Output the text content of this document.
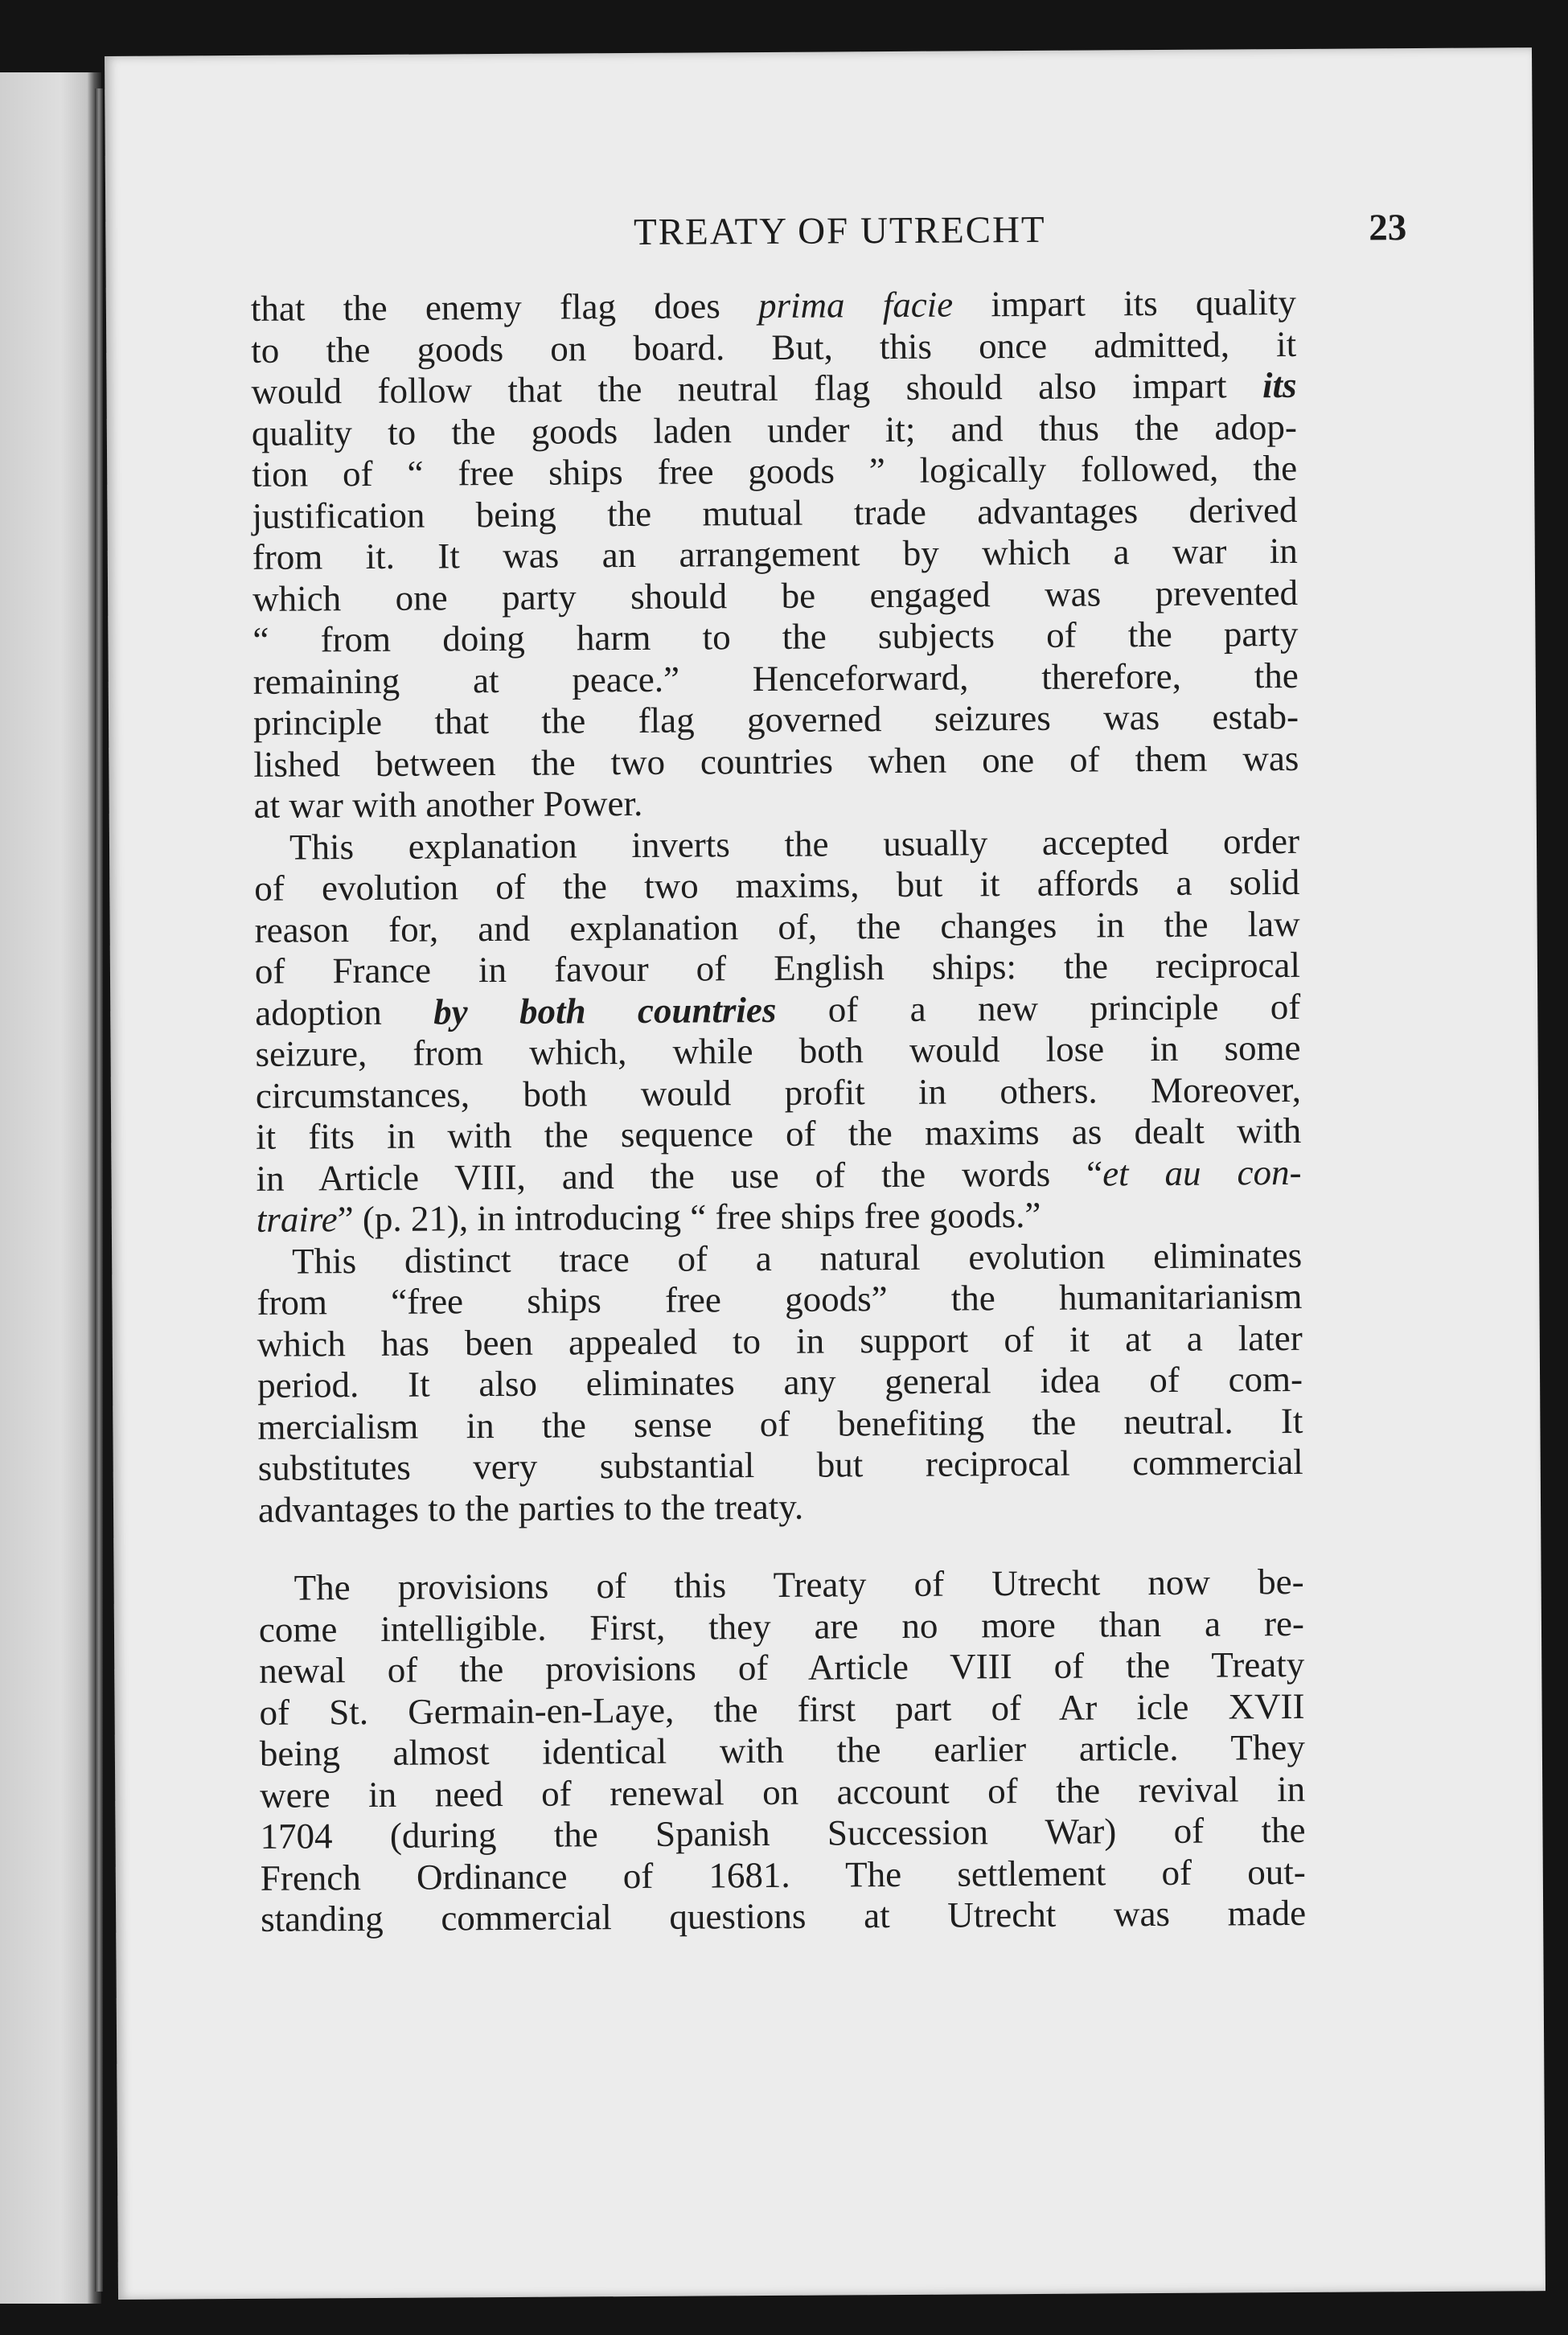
TREATY OF UTRECHT	23
that the enemy flag does prima facie impart its quality
to the goods on board. But, this once admitted, it
would follow that the neutral flag should also impart its
quality to the goods laden under it; and thus the adop-
tion of “ free ships free goods ” logically followed, the
justification being the mutual trade advantages derived
from it. It was an arrangement by which a war in
which one party should be engaged was prevented
“ from doing harm to the subjects of the party
remaining at peace.” Henceforward, therefore, the
principle that the flag governed seizures was estab-
lished between the two countries when one of them was
at war with another Power.
This explanation inverts the usually accepted order
of evolution of the two maxims, but it affords a solid
reason for, and explanation of, the changes in the law
of France in favour of English ships: the reciprocal
adoption by both countries of a new principle of
seizure, from which, while both would lose in some
circumstances, both would profit in others. Moreover,
it fits in with the sequence of the maxims as dealt with
in Article VIII, and the use of the words “et au con-
traire” (p. 21), in introducing “ free ships free goods.”
This distinct trace of a natural evolution eliminates
from “free ships free goods” the humanitarianism
which has been appealed to in support of it at a later
period. It also eliminates any general idea of com-
mercialism in the sense of benefiting the neutral. It
substitutes very substantial but reciprocal commercial
advantages to the parties to the treaty.
The provisions of this Treaty of Utrecht now be-
come intelligible. First, they are no more than a re-
newal of the provisions of Article VIII of the Treaty
of St. Germain-en-Laye, the first part of Ar icle XVII
being almost identical with the earlier article. They
were in need of renewal on account of the revival in
1704 (during the Spanish Succession War) of the
French Ordinance of 1681. The settlement of out-
standing commercial questions at Utrecht was made
